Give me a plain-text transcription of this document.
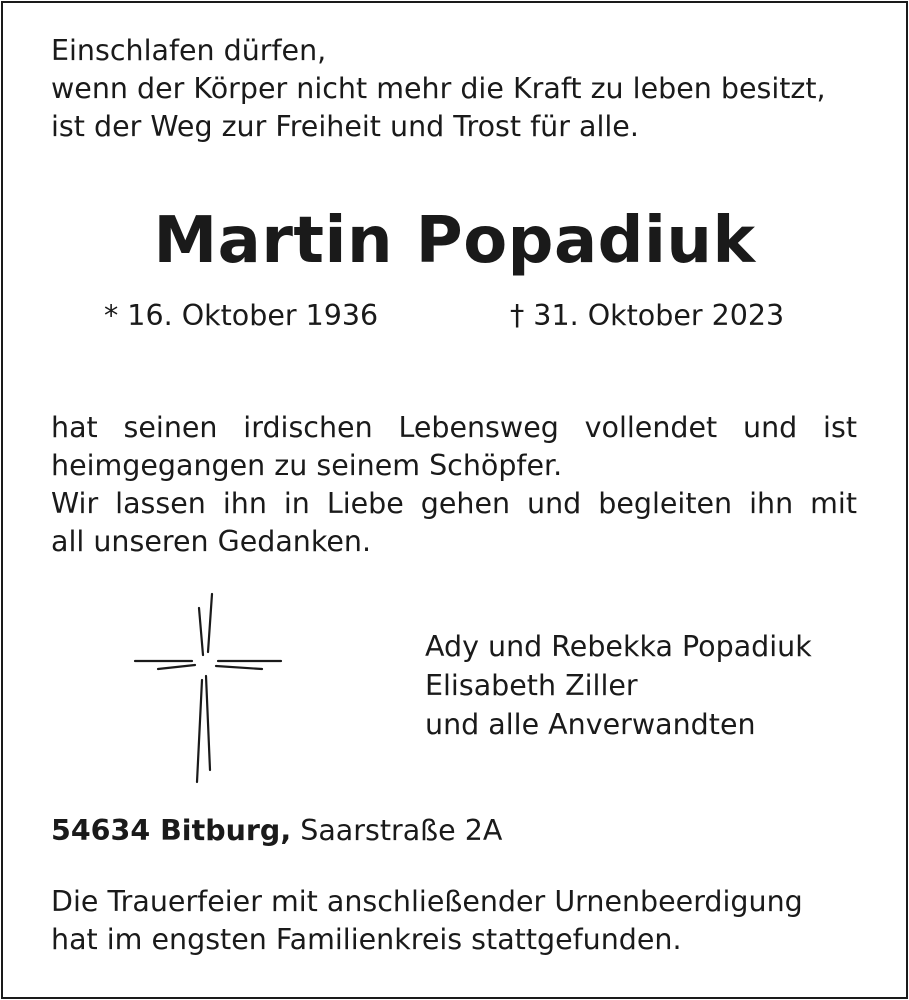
Einschlafen dürfen,
wenn der Körper nicht mehr die Kraft zu leben besitzt,
ist der Weg zur Freiheit und Trost für alle.
Martin Popadiuk
* 16. Oktober 1936	† 31. Oktober 2023
hat seinen irdischen Lebensweg vollendet und ist
heimgegangen zu seinem Schöpfer.
Wir lassen ihn in Liebe gehen und begleiten ihn mit
all unseren Gedanken.
Ady und Rebekka Popadiuk
Elisabeth Ziller
und alle Anverwandten
54634 Bitburg, Saarstraße 2A
Die Trauerfeier mit anschließender Urnenbeerdigung
hat im engsten Familienkreis stattgefunden.
